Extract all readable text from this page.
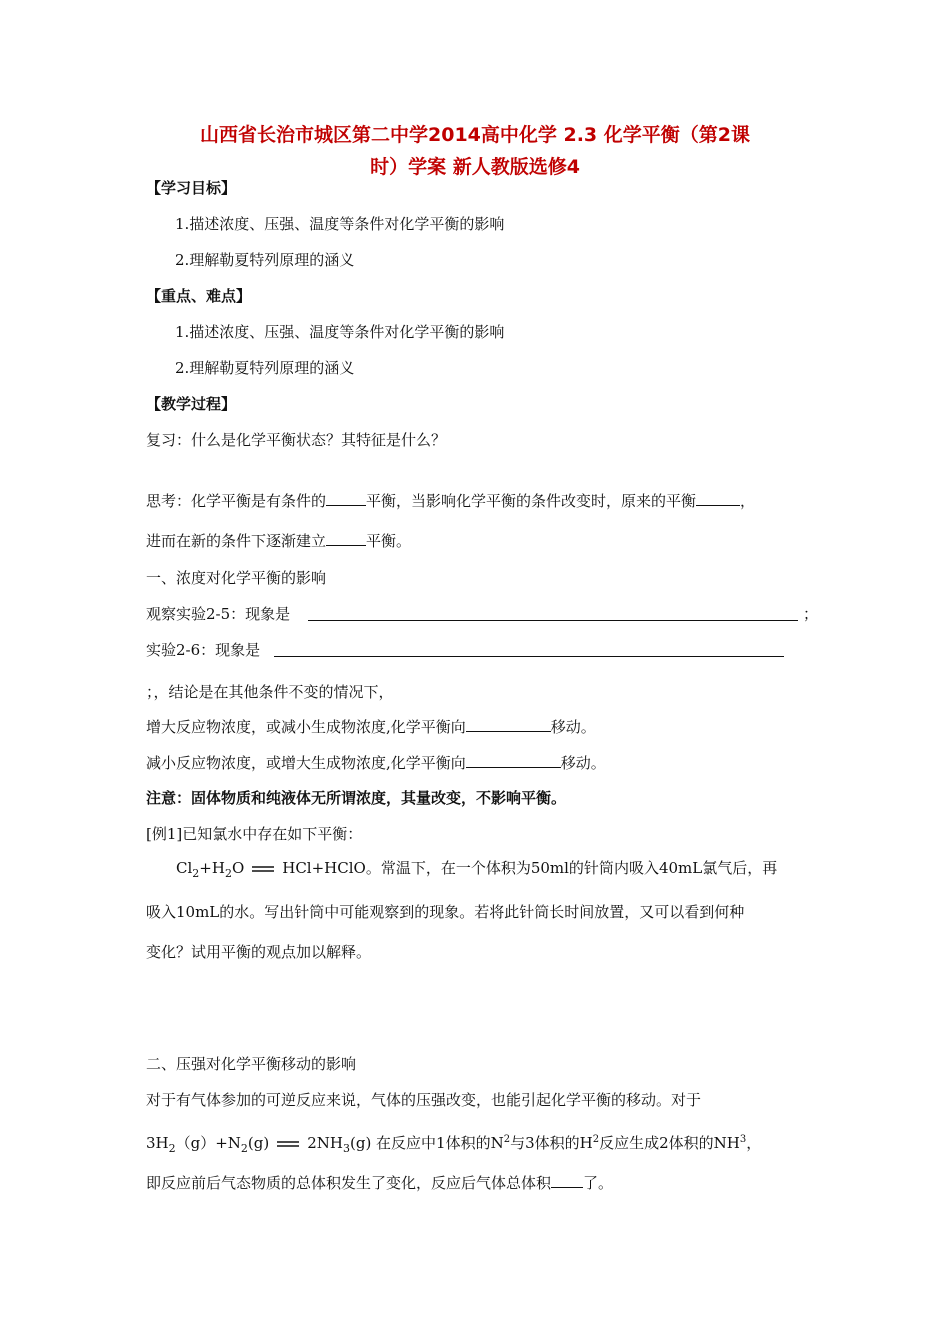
山西省长治市城区第二中学2014高中化学 2.3 化学平衡（第2课
时）学案 新人教版选修4
【学习目标】
1.描述浓度、压强、温度等条件对化学平衡的影响
2.理解勒夏特列原理的涵义
【重点、难点】
1.描述浓度、压强、温度等条件对化学平衡的影响
2.理解勒夏特列原理的涵义
【教学过程】
复习：什么是化学平衡状态？其特征是什么？
思考：化学平衡是有条件的	平衡，当影响化学平衡的条件改变时，原来的平衡	，
进而在新的条件下逐渐建立	平衡。
一、浓度对化学平衡的影响
观察实验2-5：现象是	；
实验2-6：现象是
；，结论是在其他条件不变的情况下，
增大反应物浓度，或减小生成物浓度,化学平衡向	移动。
减小反应物浓度，或增大生成物浓度,化学平衡向	移动。
注意：固体物质和纯液体无所谓浓度，其量改变，不影响平衡。
[例1]已知氯水中存在如下平衡：
$Cl_2+H_2O$	HCl+HClO。常温下，在一个体积为50ml的针筒内吸入40mL氯气后，再
吸入10mL的水。写出针筒中可能观察到的现象。若将此针筒长时间放置，又可以看到何种
变化？试用平衡的观点加以解释。
二、压强对化学平衡移动的影响
对于有气体参加的可逆反应来说，气体的压强改变，也能引起化学平衡的移动。对于
$3H_2(g)+N_2(g)$	$2NH_3(g)$ 在反应中1体积的$N^2$与3体积的$H^2$反应生成2体积的$NH^3$，
即反应前后气态物质的总体积发生了变化，反应后气体总体积 了。
